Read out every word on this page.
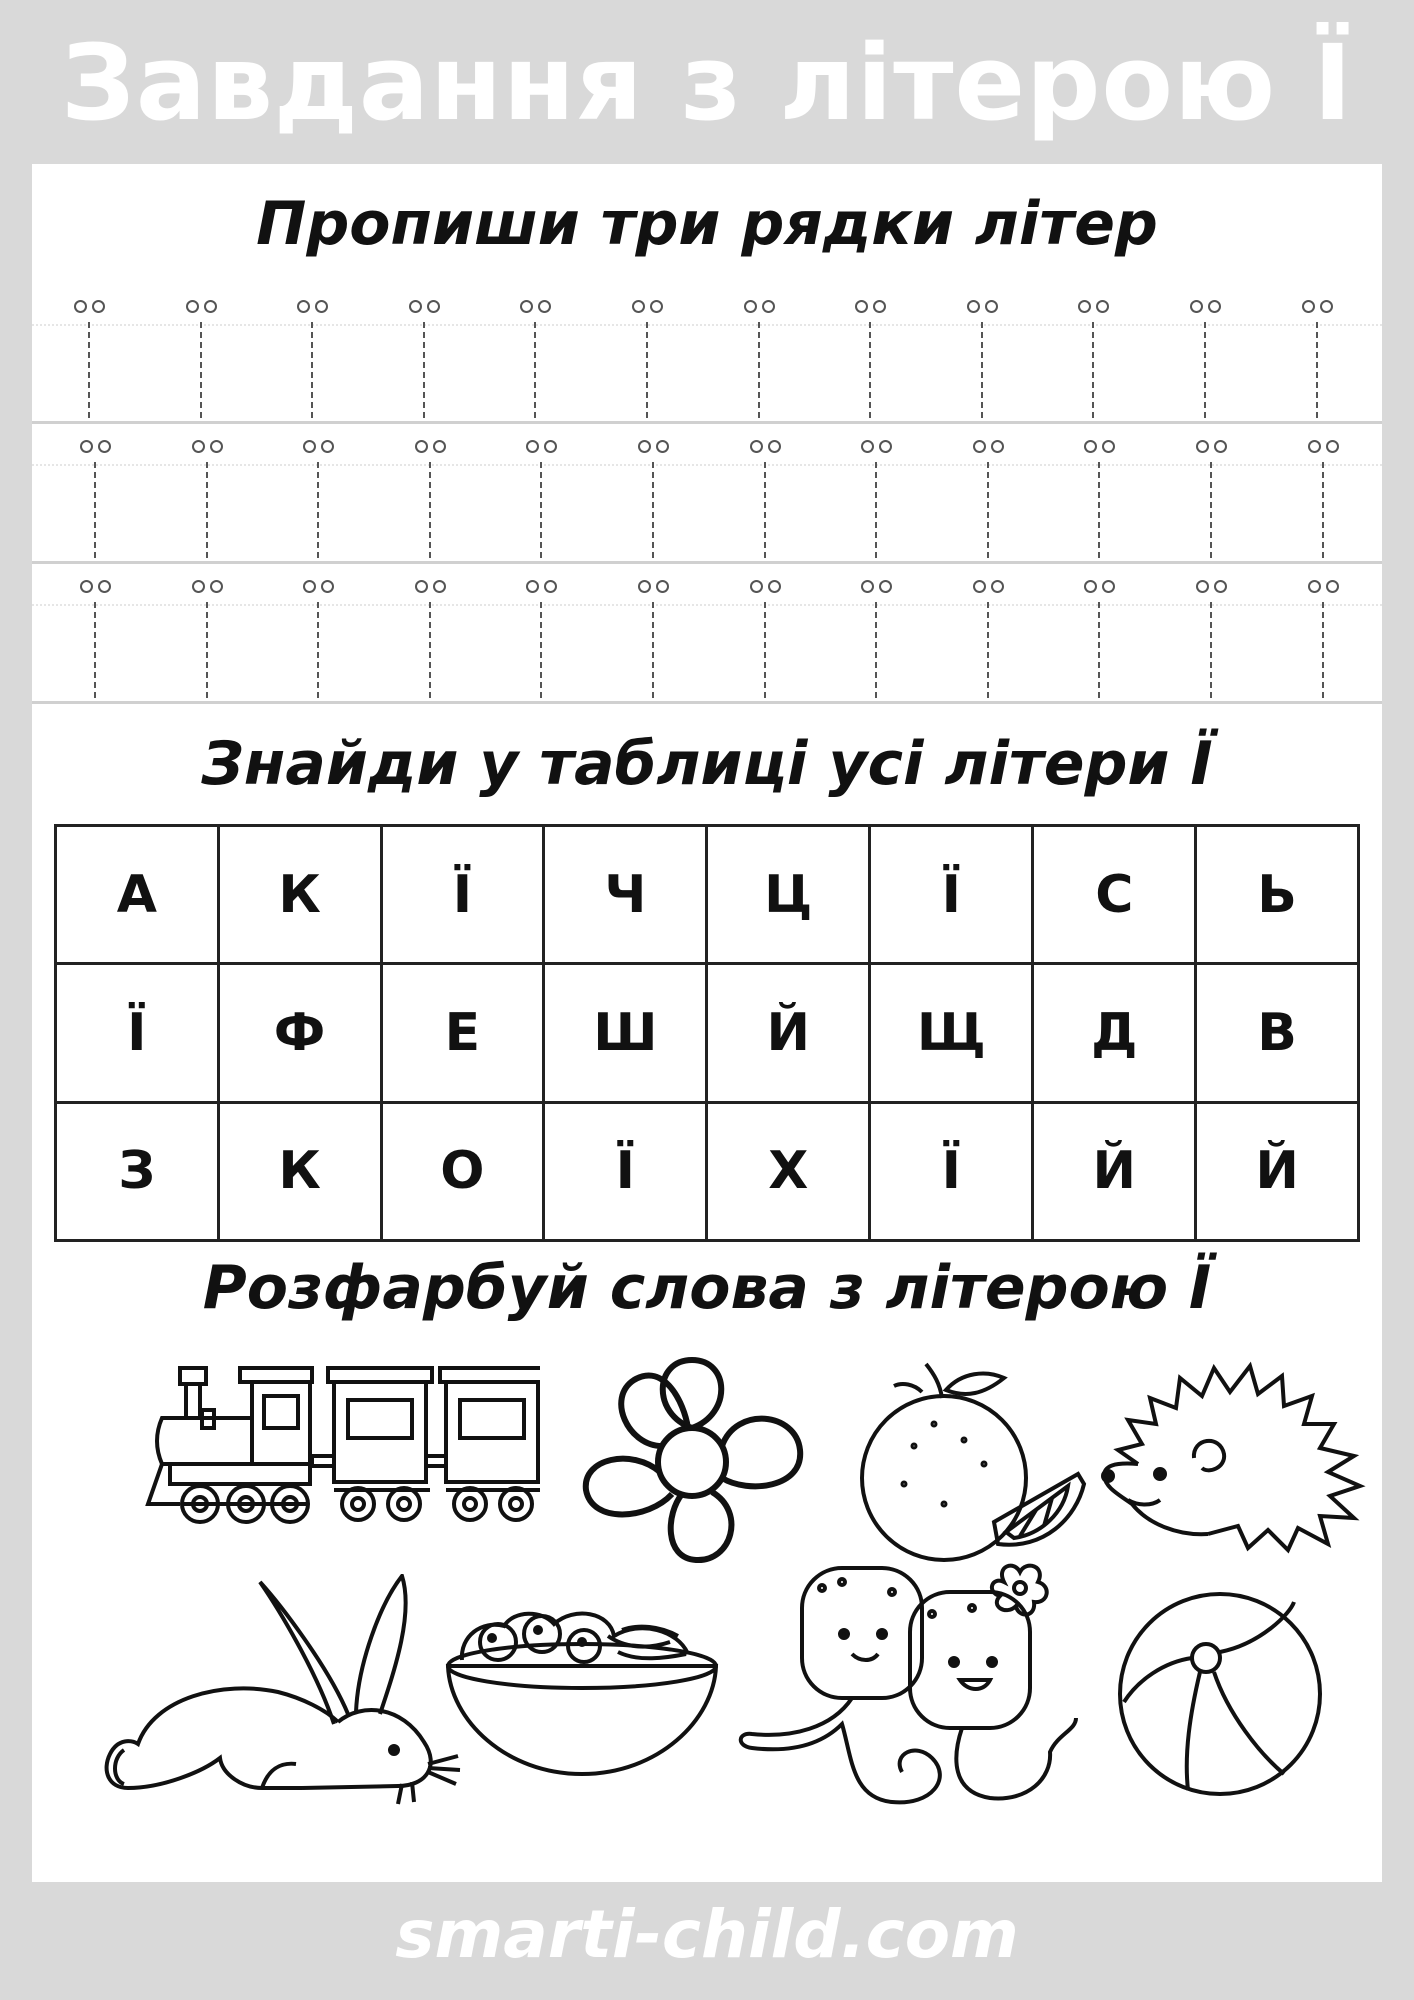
Завдання з літерою Ї
Пропиши три рядки літер
Знайди у таблиці усі літери Ї
А	К	Ї	Ч	Ц	Ї	С	Ь
Ї	Ф	Е	Ш	Й	Щ	Д	В
З	К	О	Ї	Х	Ї	Й	Й
Розфарбуй слова з літерою Ї
smarti-child.com
